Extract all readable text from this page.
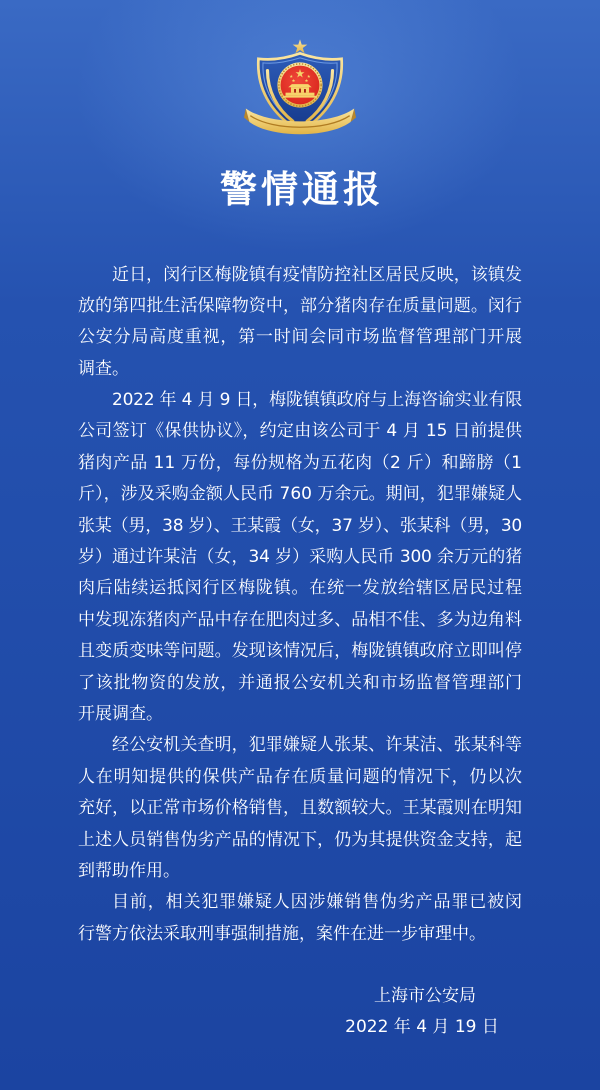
警情通报
近日，闵行区梅陇镇有疫情防控社区居民反映，该镇发
放的第四批生活保障物资中，部分猪肉存在质量问题。闵行
公安分局高度重视，第一时间会同市场监督管理部门开展
调查。
2022 年 4 月 9 日，梅陇镇镇政府与上海咨谕实业有限
公司签订《保供协议》，约定由该公司于 4 月 15 日前提供
猪肉产品 11 万份，每份规格为五花肉（2 斤）和蹄膀（1
斤），涉及采购金额人民币 760 万余元。期间，犯罪嫌疑人
张某（男，38 岁）、王某霞（女，37 岁）、张某科（男，30
岁）通过许某洁（女，34 岁）采购人民币 300 余万元的猪
肉后陆续运抵闵行区梅陇镇。在统一发放给辖区居民过程
中发现冻猪肉产品中存在肥肉过多、品相不佳、多为边角料
且变质变味等问题。发现该情况后，梅陇镇镇政府立即叫停
了该批物资的发放，并通报公安机关和市场监督管理部门
开展调查。
经公安机关查明，犯罪嫌疑人张某、许某洁、张某科等
人在明知提供的保供产品存在质量问题的情况下，仍以次
充好，以正常市场价格销售，且数额较大。王某霞则在明知
上述人员销售伪劣产品的情况下，仍为其提供资金支持，起
到帮助作用。
目前，相关犯罪嫌疑人因涉嫌销售伪劣产品罪已被闵
行警方依法采取刑事强制措施，案件在进一步审理中。
上海市公安局
2022 年 4 月 19 日
